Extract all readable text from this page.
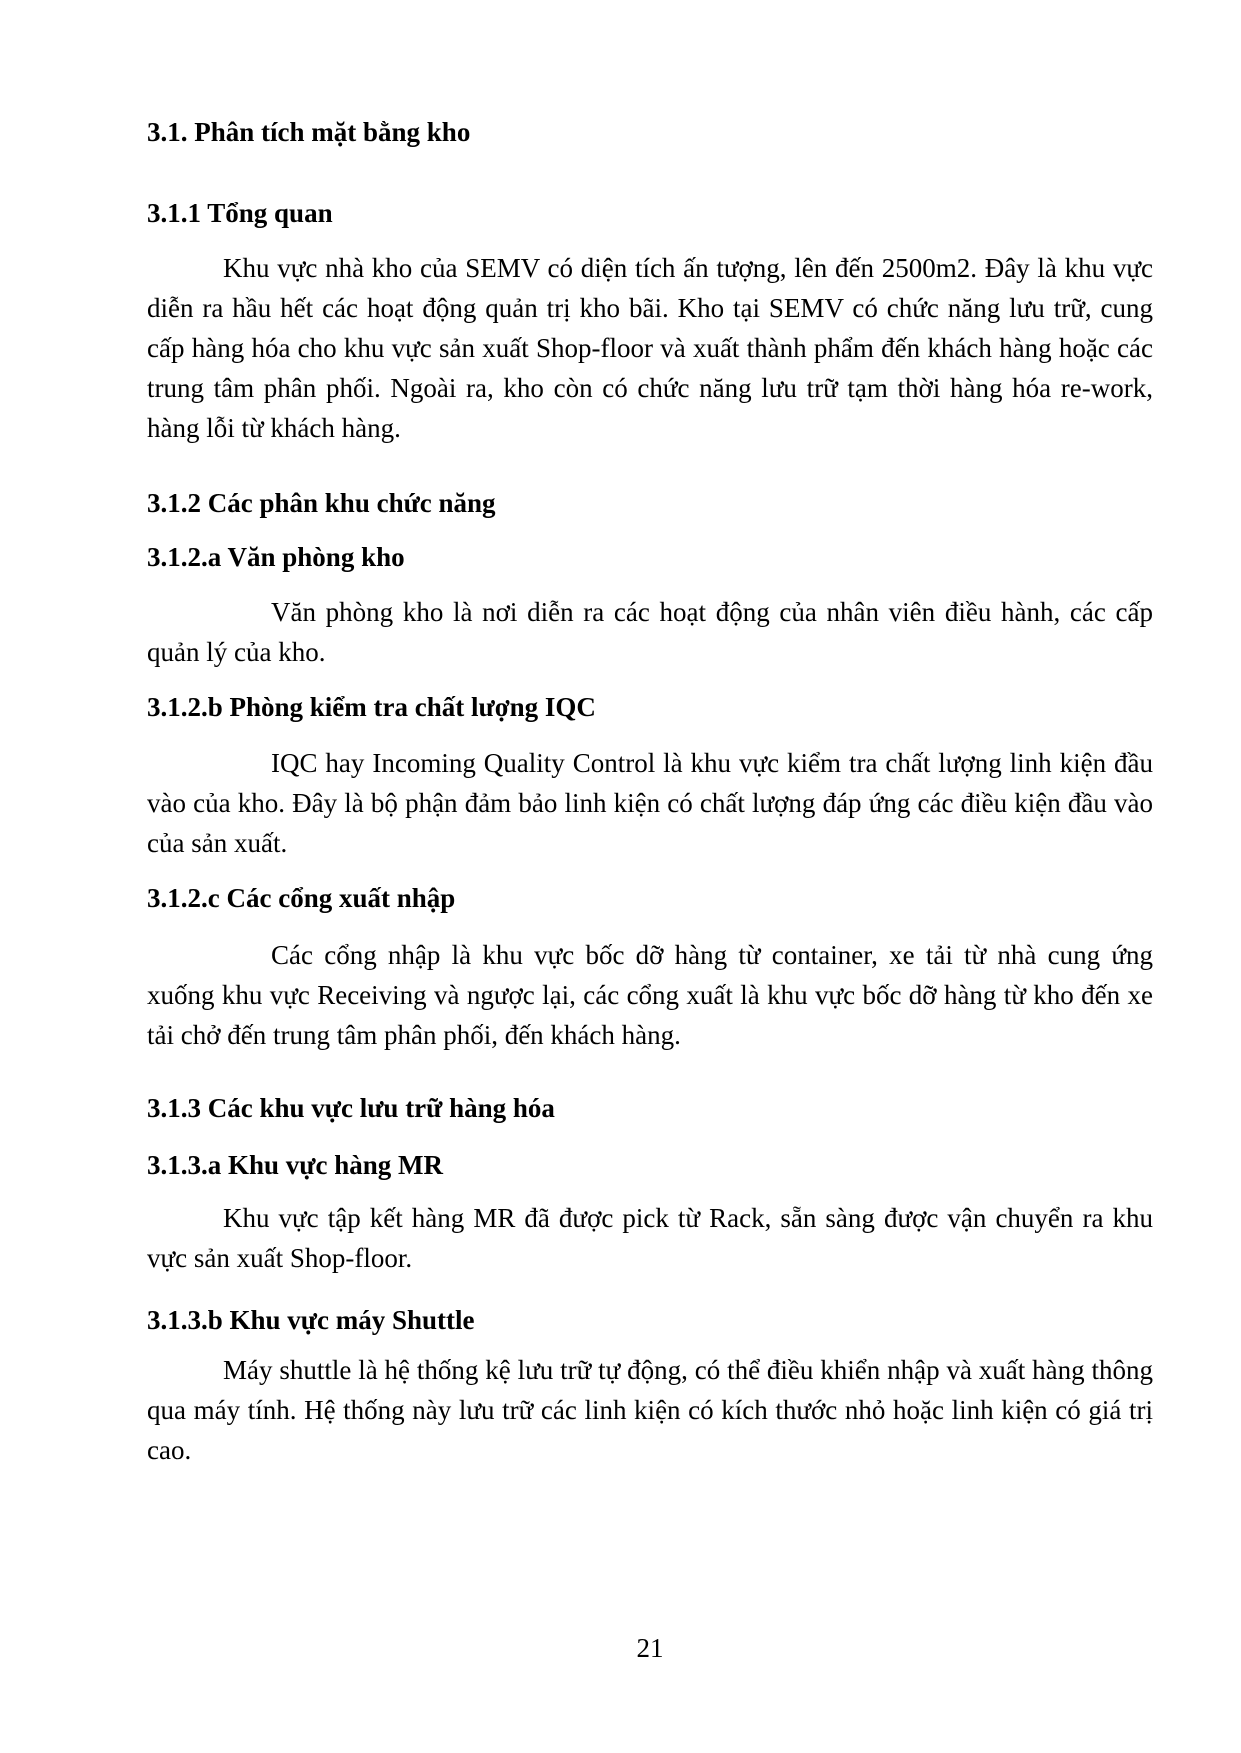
3.1. Phân tích mặt bằng kho
3.1.1 Tổng quan

Khu vực nhà kho của SEMV có diện tích ấn tượng, lên đến 2500m2. Đây là khu vực diễn ra hầu hết các hoạt động quản trị kho bãi. Kho tại SEMV có chức năng lưu trữ, cung cấp hàng hóa cho khu vực sản xuất Shop-floor và xuất thành phẩm đến khách hàng hoặc các trung tâm phân phối. Ngoài ra, kho còn có chức năng lưu trữ tạm thời hàng hóa re-work, hàng lỗi từ khách hàng.

3.1.2 Các phân khu chức năng
3.1.2.a Văn phòng kho

Văn phòng kho là nơi diễn ra các hoạt động của nhân viên điều hành, các cấp quản lý của kho.

3.1.2.b Phòng kiểm tra chất lượng IQC

IQC hay Incoming Quality Control là khu vực kiểm tra chất lượng linh kiện đầu vào của kho. Đây là bộ phận đảm bảo linh kiện có chất lượng đáp ứng các điều kiện đầu vào của sản xuất.

3.1.2.c Các cổng xuất nhập

Các cổng nhập là khu vực bốc dỡ hàng từ container, xe tải từ nhà cung ứng xuống khu vực Receiving và ngược lại, các cổng xuất là khu vực bốc dỡ hàng từ kho đến xe tải chở đến trung tâm phân phối, đến khách hàng.

3.1.3 Các khu vực lưu trữ hàng hóa
3.1.3.a Khu vực hàng MR

Khu vực tập kết hàng MR đã được pick từ Rack, sẵn sàng được vận chuyển ra khu vực sản xuất Shop-floor.

3.1.3.b Khu vực máy Shuttle

Máy shuttle là hệ thống kệ lưu trữ tự động, có thể điều khiển nhập và xuất hàng thông qua máy tính. Hệ thống này lưu trữ các linh kiện có kích thước nhỏ hoặc linh kiện có giá trị cao.

21
